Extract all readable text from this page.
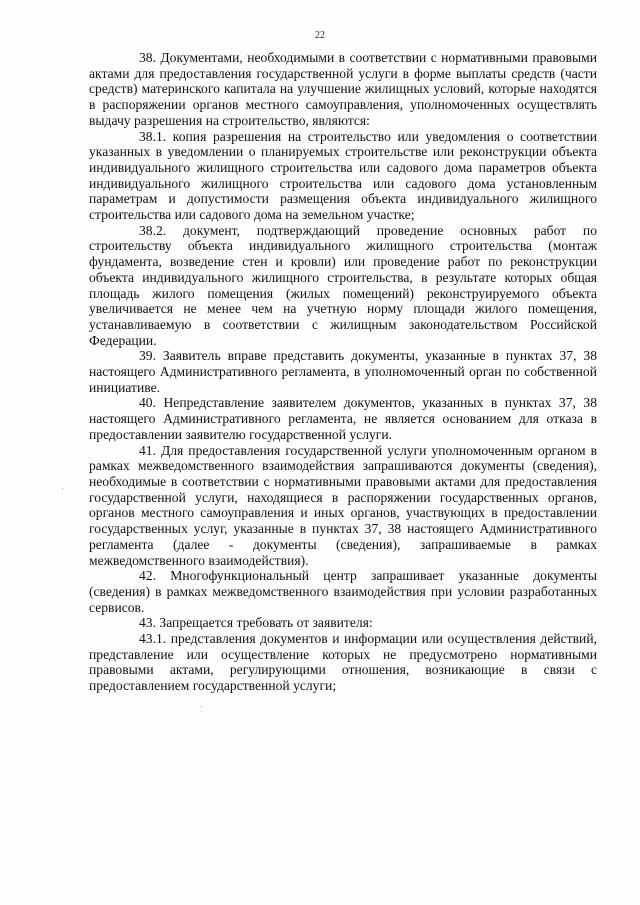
22

38. Документами, необходимыми в соответствии с нормативными правовыми актами для предоставления государственной услуги в форме выплаты средств (части средств) материнского капитала на улучшение жилищных условий, которые находятся в распоряжении органов местного самоуправления, уполномоченных осуществлять выдачу разрешения на строительство, являются:

38.1. копия разрешения на строительство или уведомления о соответствии указанных в уведомлении о планируемых строительстве или реконструкции объекта индивидуального жилищного строительства или садового дома параметров объекта индивидуального жилищного строительства или садового дома установленным параметрам и допустимости размещения объекта индивидуального жилищного строительства или садового дома на земельном участке;

38.2. документ, подтверждающий проведение основных работ по строительству объекта индивидуального жилищного строительства (монтаж фундамента, возведение стен и кровли) или проведение работ по реконструкции объекта индивидуального жилищного строительства, в результате которых общая площадь жилого помещения (жилых помещений) реконструируемого объекта увеличивается не менее чем на учетную норму площади жилого помещения, устанавливаемую в соответствии с жилищным законодательством Российской Федерации.

39. Заявитель вправе представить документы, указанные в пунктах 37, 38 настоящего Административного регламента, в уполномоченный орган по собственной инициативе.

40. Непредставление заявителем документов, указанных в пунктах 37, 38 настоящего Административного регламента, не является основанием для отказа в предоставлении заявителю государственной услуги.

41. Для предоставления государственной услуги уполномоченным органом в рамках межведомственного взаимодействия запрашиваются документы (сведения), необходимые в соответствии с нормативными правовыми актами для предоставления государственной услуги, находящиеся в распоряжении государственных органов, органов местного самоуправления и иных органов, участвующих в предоставлении государственных услуг, указанные в пунктах 37, 38 настоящего Административного регламента (далее - документы (сведения), запрашиваемые в рамках межведомственного взаимодействия).

42. Многофункциональный центр запрашивает указанные документы (сведения) в рамках межведомственного взаимодействия при условии разработанных сервисов.

43. Запрещается требовать от заявителя:

43.1. представления документов и информации или осуществления действий, представление или осуществление которых не предусмотрено нормативными правовыми актами, регулирующими отношения, возникающие в связи с предоставлением государственной услуги;
